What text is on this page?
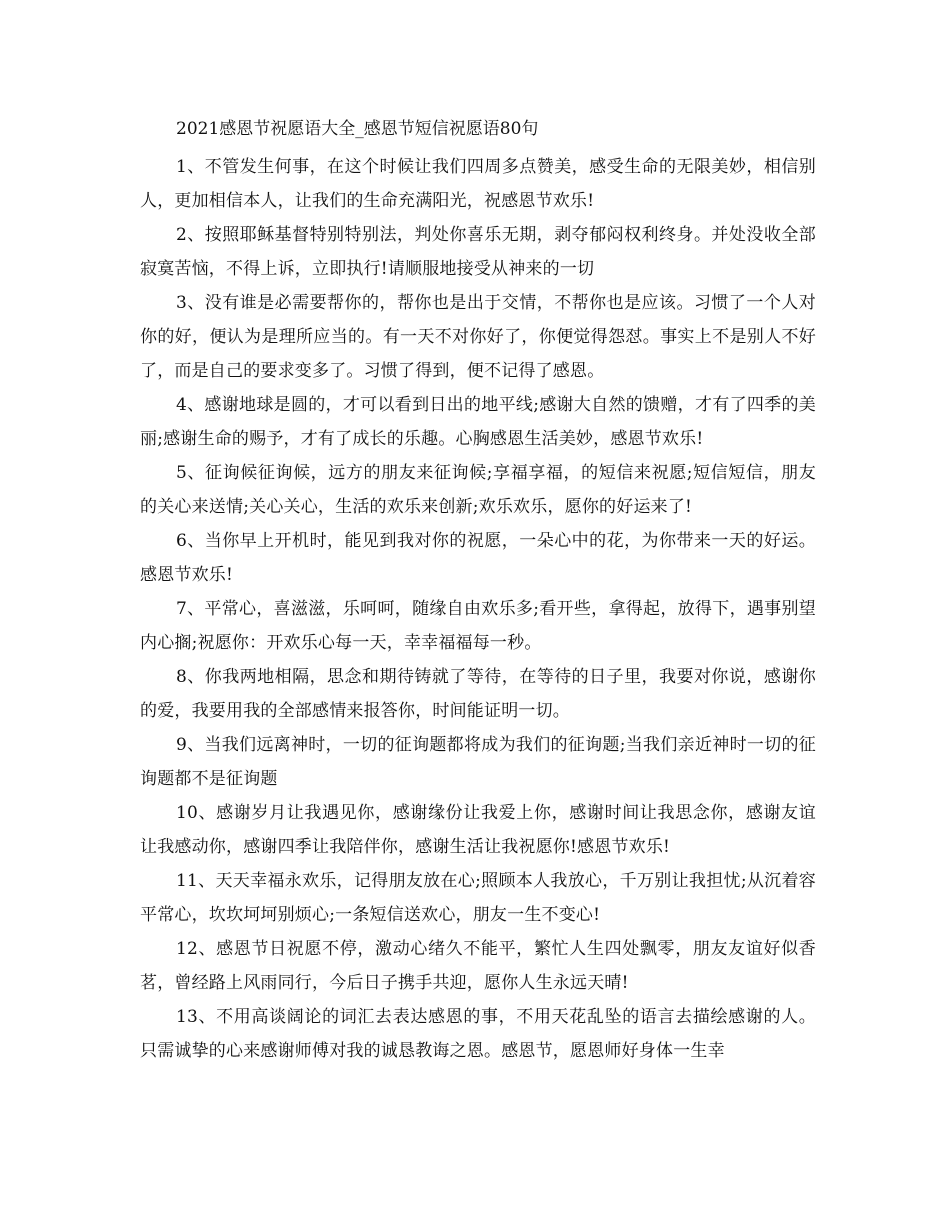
2021感恩节祝愿语大全_感恩节短信祝愿语80句

1、不管发生何事，在这个时候让我们四周多点赞美，感受生命的无限美妙，相信别人，更加相信本人，让我们的生命充满阳光，祝感恩节欢乐!

2、按照耶稣基督特别特别法，判处你喜乐无期，剥夺郁闷权利终身。并处没收全部寂寞苦恼，不得上诉，立即执行!请顺服地接受从神来的一切

3、没有谁是必需要帮你的，帮你也是出于交情，不帮你也是应该。习惯了一个人对你的好，便认为是理所应当的。有一天不对你好了，你便觉得怨怼。事实上不是别人不好了，而是自己的要求变多了。习惯了得到，便不记得了感恩。

4、感谢地球是圆的，才可以看到日出的地平线;感谢大自然的馈赠，才有了四季的美丽;感谢生命的赐予，才有了成长的乐趣。心胸感恩生活美妙，感恩节欢乐!

5、征询候征询候，远方的朋友来征询候;享福享福，的短信来祝愿;短信短信，朋友的关心来送情;关心关心，生活的欢乐来创新;欢乐欢乐，愿你的好运来了!

6、当你早上开机时，能见到我对你的祝愿，一朵心中的花，为你带来一天的好运。感恩节欢乐!

7、平常心，喜滋滋，乐呵呵，随缘自由欢乐多;看开些，拿得起，放得下，遇事别望内心搁;祝愿你：开欢乐心每一天，幸幸福福每一秒。

8、你我两地相隔，思念和期待铸就了等待，在等待的日子里，我要对你说，感谢你的爱，我要用我的全部感情来报答你，时间能证明一切。

9、当我们远离神时，一切的征询题都将成为我们的征询题;当我们亲近神时一切的征询题都不是征询题

10、感谢岁月让我遇见你，感谢缘份让我爱上你，感谢时间让我思念你，感谢友谊让我感动你，感谢四季让我陪伴你，感谢生活让我祝愿你!感恩节欢乐!

11、天天幸福永欢乐，记得朋友放在心;照顾本人我放心，千万别让我担忧;从沉着容平常心，坎坎坷坷别烦心;一条短信送欢心，朋友一生不变心!

12、感恩节日祝愿不停，激动心绪久不能平，繁忙人生四处飘零，朋友友谊好似香茗，曾经路上风雨同行，今后日子携手共迎，愿你人生永远天晴!

13、不用高谈阔论的词汇去表达感恩的事，不用天花乱坠的语言去描绘感谢的人。只需诚挚的心来感谢师傅对我的诚恳教诲之恩。感恩节，愿恩师好身体一生幸
